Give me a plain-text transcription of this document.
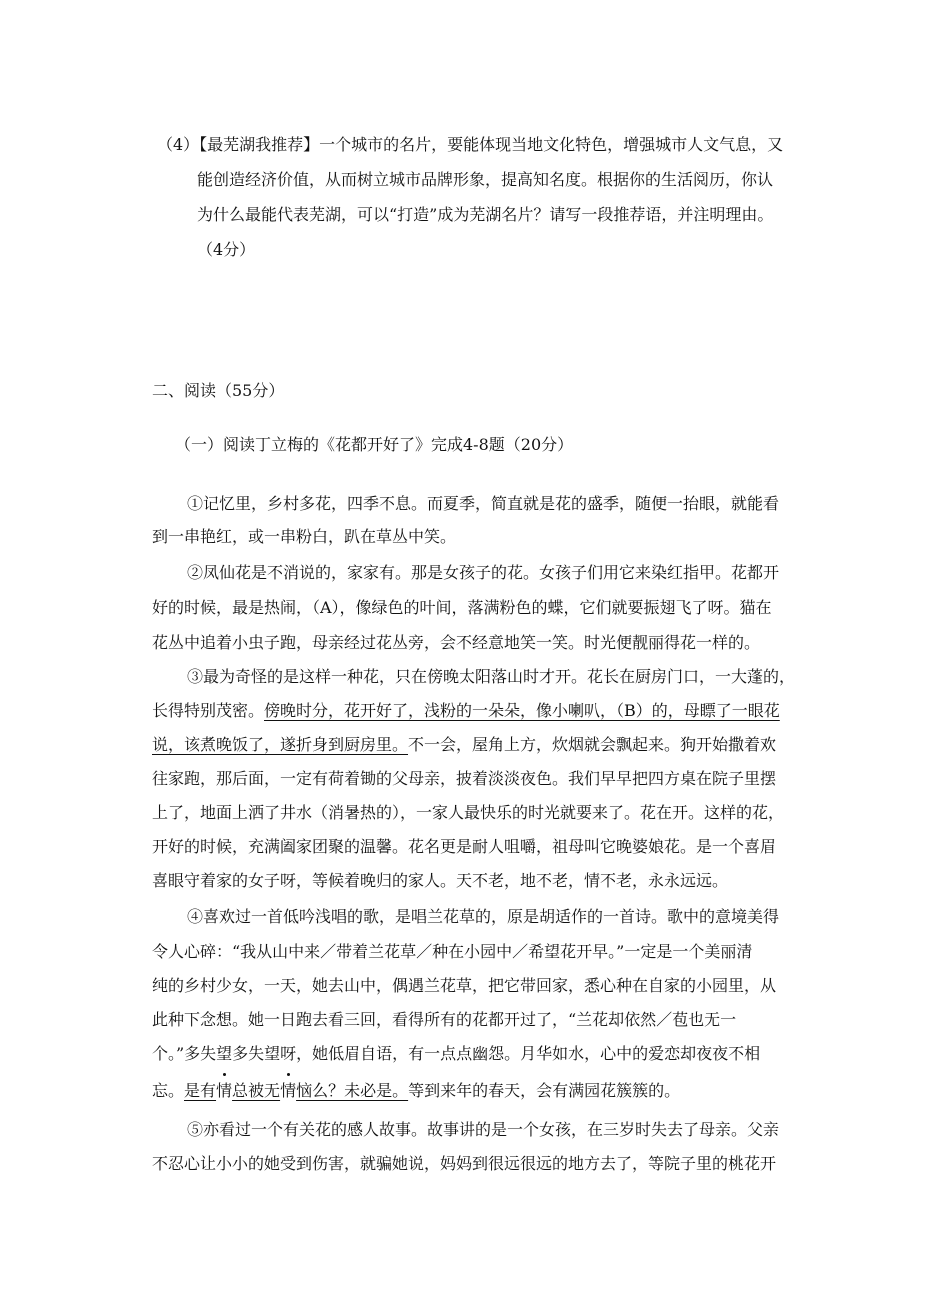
（4）【最芜湖我推荐】一个城市的名片，要能体现当地文化特色，增强城市人文气息，又
能创造经济价值，从而树立城市品牌形象，提高知名度。根据你的生活阅历，你认
为什么最能代表芜湖，可以“打造”成为芜湖名片？请写一段推荐语，并注明理由。
（4分）
二、阅读（55分）
（一）阅读丁立梅的《花都开好了》完成4-8题（20分）
①记忆里，乡村多花，四季不息。而夏季，简直就是花的盛季，随便一抬眼，就能看
到一串艳红，或一串粉白，趴在草丛中笑。
②凤仙花是不消说的，家家有。那是女孩子的花。女孩子们用它来染红指甲。花都开
好的时候，最是热闹，（A），像绿色的叶间，落满粉色的蝶，它们就要振翅飞了呀。猫在
花丛中追着小虫子跑，母亲经过花丛旁，会不经意地笑一笑。时光便靓丽得花一样的。
③最为奇怪的是这样一种花，只在傍晚太阳落山时才开。花长在厨房门口，一大蓬的，
长得特别茂密。傍晚时分，花开好了，浅粉的一朵朵，像小喇叭，（B）的，母瞟了一眼花
说，该煮晚饭了，遂折身到厨房里。不一会，屋角上方，炊烟就会飘起来。狗开始撒着欢
往家跑，那后面，一定有荷着锄的父母亲，披着淡淡夜色。我们早早把四方桌在院子里摆
上了，地面上洒了井水（消暑热的），一家人最快乐的时光就要来了。花在开。这样的花，
开好的时候，充满阖家团聚的温馨。花名更是耐人咀嚼，祖母叫它晚婆娘花。是一个喜眉
喜眼守着家的女子呀，等候着晚归的家人。天不老，地不老，情不老，永永远远。
④喜欢过一首低吟浅唱的歌，是唱兰花草的，原是胡适作的一首诗。歌中的意境美得
令人心碎：“我从山中来／带着兰花草／种在小园中／希望花开早。”一定是一个美丽清
纯的乡村少女，一天，她去山中，偶遇兰花草，把它带回家，悉心种在自家的小园里，从
此种下念想。她一日跑去看三回，看得所有的花都开过了，“兰花却依然／苞也无一
个。”多失望多失望呀，她低眉自语，有一点点幽怨。月华如水，心中的爱恋却夜夜不相
忘。是有情总被无情恼么？未必是。等到来年的春天，会有满园花簇簇的。
⑤亦看过一个有关花的感人故事。故事讲的是一个女孩，在三岁时失去了母亲。父亲
不忍心让小小的她受到伤害，就骗她说，妈妈到很远很远的地方去了，等院子里的桃花开
